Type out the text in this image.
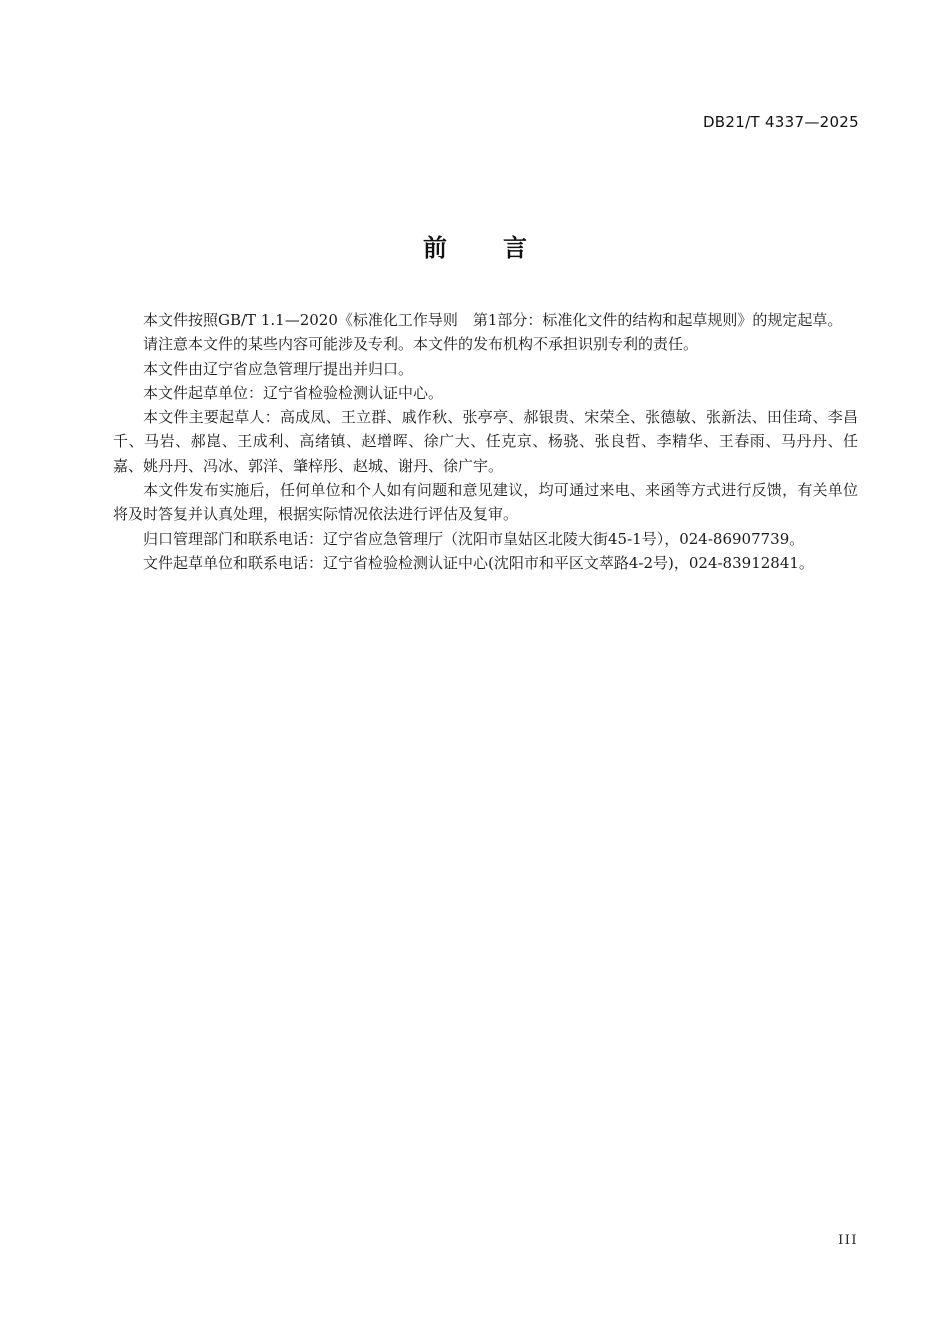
DB21/T 4337—2025
前言

本文件按照GB/T 1.1—2020《标准化工作导则　第1部分：标准化文件的结构和起草规则》的规定起草。

请注意本文件的某些内容可能涉及专利。本文件的发布机构不承担识别专利的责任。

本文件由辽宁省应急管理厅提出并归口。

本文件起草单位：辽宁省检验检测认证中心。

本文件主要起草人：高成凤、王立群、戚作秋、张亭亭、郝银贵、宋荣全、张德敏、张新法、田佳琦、李昌千、马岩、郝崑、王成利、高绪镇、赵增晖、徐广大、任克京、杨骁、张良哲、李精华、王春雨、马丹丹、任嘉、姚丹丹、冯冰、郭洋、肇梓彤、赵城、谢丹、徐广宇。

本文件发布实施后，任何单位和个人如有问题和意见建议，均可通过来电、来函等方式进行反馈，有关单位将及时答复并认真处理，根据实际情况依法进行评估及复审。

归口管理部门和联系电话：辽宁省应急管理厅（沈阳市皇姑区北陵大街45-1号），024-86907739。

文件起草单位和联系电话：辽宁省检验检测认证中心(沈阳市和平区文萃路4-2号)，024-83912841。

III
